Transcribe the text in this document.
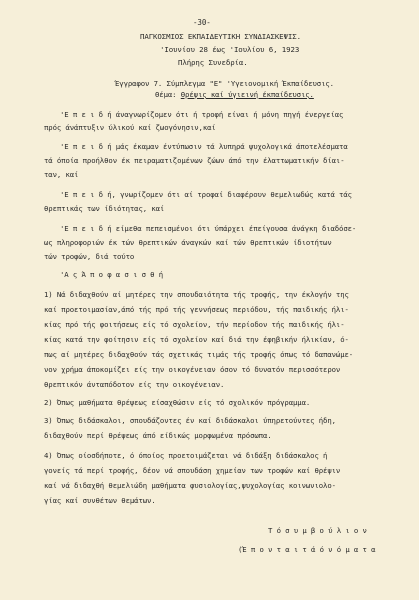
-30-
ΠΑΓΚΟΣΜΙΟΣ ΕΚΠΑΙΔΕΥΤΙΚΗ ΣΥΝΔΙΑΣΚΕΨΙΣ.
'Ιουνίου 28 έως 'Ιουλίου 6, 1923
Πλήρης Συνεδρία.
Έγγραφον 7. Σύμπλεγμα "Ε" 'Υγειονομική Έκπαίδευσις.
Θέμα: Θρέψις καί ύγιεινή έκπαίδευσις.
'Ε π ε ι δ ή άναγνωρίζομεν ότι ή τροφή είναι ή μόνη πηγή ένεργείας
πρός άνάπτυξιν ύλικού καί ζωογόνησιν,καί
'Ε π ε ι δ ή μάς έκαμαν έντύπωσιν τά λυπηρά ψυχολογικά άποτελέσματα
τά όποία προήλθον έκ πειραματιζομένων ζώων άπό την έλαττωματικήν δίαι-
ταν, καί
'Ε π ε ι δ ή, γνωρίζομεν ότι αί τροφαί διαφέρουν θεμελιωδώς κατά τάς
θρεπτικάς των ίδιότητας, καί
'Ε π ε ι δ ή είμεθα πεπεισμένοι ότι ύπάρχει έπείγουσα άνάγκη διαδόσε-
ως πληροφοριών έκ τών θρεπτικών άναγκών καί τών θρεπτικών ίδιοτήτων
τών τροφών, διά τούτο
'Α ς Ά π ο φ α σ ι σ θ ή
1) Νά διδαχθούν αί μητέρες την σπουδαιότητα τής τροφής, την έκλογήν της
καί προετοιμασίαν,άπό τής πρό τής γεννήσεως περιόδου, τής παιδικής ήλι-
κίας πρό τής φοιτήσεως είς τό σχολείον, τήν περίοδον τής παιδικής ήλι-
κίας κατά την φοίτησιν είς τό σχολείον καί διά την έφηβικήν ήλικίαν, ό-
πως αί μητέρες διδαχθούν τάς σχετικάς τιμάς τής τροφής όπως τό δαπανώμε-
νον χρήμα άποκομίζει είς την οικογένειαν όσον τό δυνατόν περισσότερον
θρεπτικόν άνταπόδοτον είς την οικογένειαν.
2) Όπως μαθήματα θρέψεως είσαχθώσιν είς τό σχολικόν πρόγραμμα.
3) Όπως διδάσκαλοι, σπουδάζοντες έν καί διδάσκαλοι ύπηρετούντες ήδη,
διδαχθούν περί θρέψεως άπό είδικώς μορφωμένα πρόσωπα.
4) Όπως οίοσδήποτε, ό όποίος προετοιμάζεται νά διδάξη διδάσκαλος ή
γονείς τά περί τροφής, δέον νά σπουδάση χημείαν των τροφών καί θρέψιν
καί νά διδαχθή θεμελιώδη μαθήματα φυσιολογίας,ψυχολογίας κοινωνιολο-
γίας καί συνθέτων θεμάτων.
Τ ό σ υ μ β ο ύ λ ι ο ν
(Έ π ο ν τ α ι τ ά ό ν ό μ α τ α
